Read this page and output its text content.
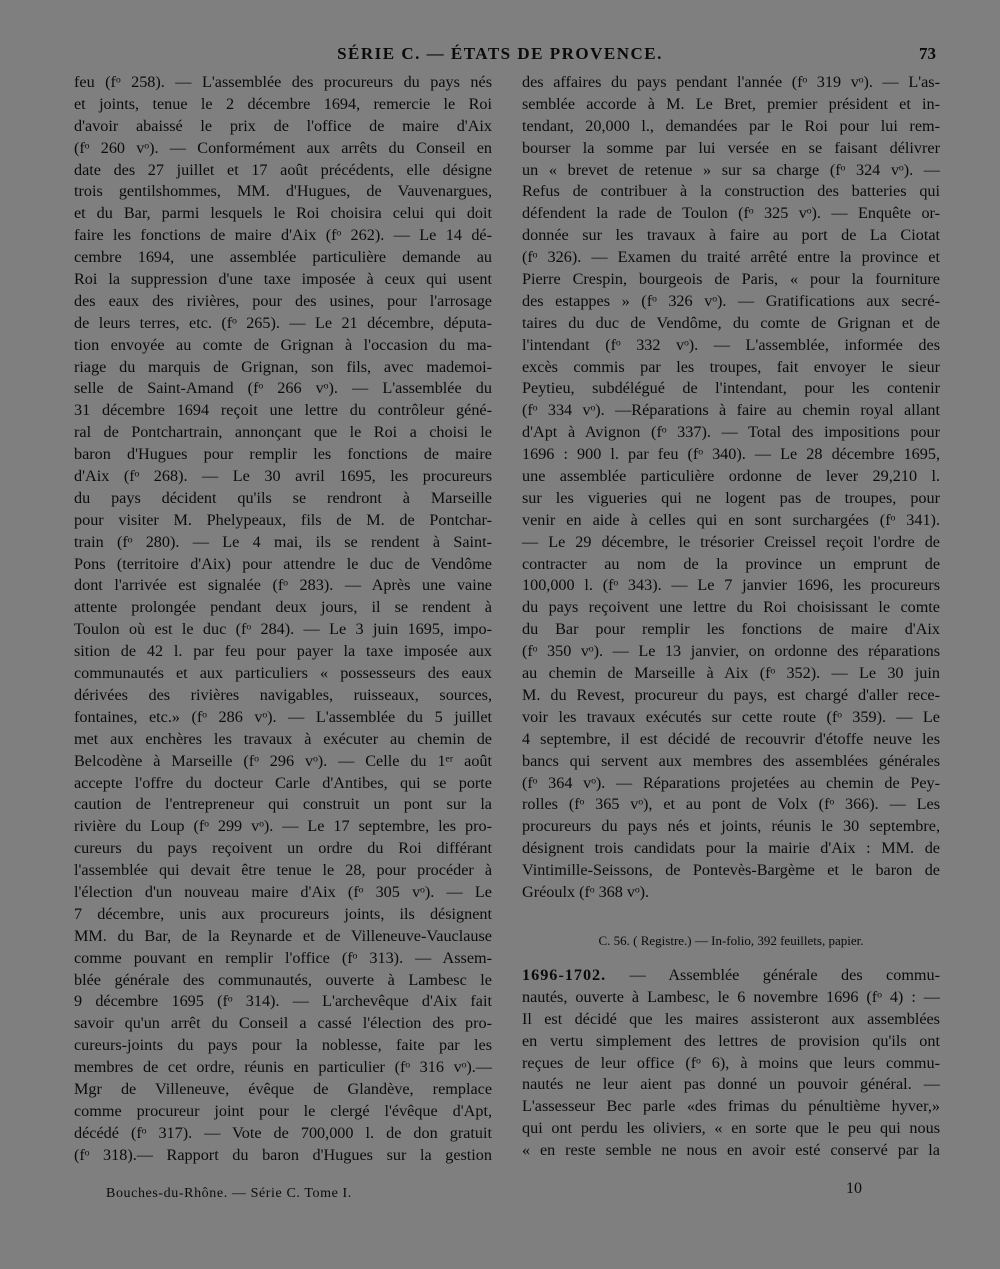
SÉRIE C. — ÉTATS DE PROVENCE.	73
feu (fᵒ 258). — L'assemblée des procureurs du pays nés
et joints, tenue le 2 décembre 1694, remercie le Roi
d'avoir abaissé le prix de l'office de maire d'Aix
(fᵒ 260 vᵒ). — Conformément aux arrêts du Conseil en
date des 27 juillet et 17 août précédents, elle désigne
trois gentilshommes, MM. d'Hugues, de Vauvenargues,
et du Bar, parmi lesquels le Roi choisira celui qui doit
faire les fonctions de maire d'Aix (fᵒ 262). — Le 14 dé-
cembre 1694, une assemblée particulière demande au
Roi la suppression d'une taxe imposée à ceux qui usent
des eaux des rivières, pour des usines, pour l'arrosage
de leurs terres, etc. (fᵒ 265). — Le 21 décembre, députa-
tion envoyée au comte de Grignan à l'occasion du ma-
riage du marquis de Grignan, son fils, avec mademoi-
selle de Saint-Amand (fᵒ 266 vᵒ). — L'assemblée du
31 décembre 1694 reçoit une lettre du contrôleur géné-
ral de Pontchartrain, annonçant que le Roi a choisi le
baron d'Hugues pour remplir les fonctions de maire
d'Aix (fᵒ 268). — Le 30 avril 1695, les procureurs
du pays décident qu'ils se rendront à Marseille
pour visiter M. Phelypeaux, fils de M. de Pontchar-
train (fᵒ 280). — Le 4 mai, ils se rendent à Saint-
Pons (territoire d'Aix) pour attendre le duc de Vendôme
dont l'arrivée est signalée (fᵒ 283). — Après une vaine
attente prolongée pendant deux jours, il se rendent à
Toulon où est le duc (fᵒ 284). — Le 3 juin 1695, impo-
sition de 42 l. par feu pour payer la taxe imposée aux
communautés et aux particuliers « possesseurs des eaux
dérivées des rivières navigables, ruisseaux, sources,
fontaines, etc.» (fᵒ 286 vᵒ). — L'assemblée du 5 juillet
met aux enchères les travaux à exécuter au chemin de
Belcodène à Marseille (fᵒ 296 vᵒ). — Celle du 1ᵉʳ août
accepte l'offre du docteur Carle d'Antibes, qui se porte
caution de l'entrepreneur qui construit un pont sur la
rivière du Loup (fᵒ 299 vᵒ). — Le 17 septembre, les pro-
cureurs du pays reçoivent un ordre du Roi différant
l'assemblée qui devait être tenue le 28, pour procéder à
l'élection d'un nouveau maire d'Aix (fᵒ 305 vᵒ). — Le
7 décembre, unis aux procureurs joints, ils désignent
MM. du Bar, de la Reynarde et de Villeneuve-Vauclause
comme pouvant en remplir l'office (fᵒ 313). — Assem-
blée générale des communautés, ouverte à Lambesc le
9 décembre 1695 (fᵒ 314). — L'archevêque d'Aix fait
savoir qu'un arrêt du Conseil a cassé l'élection des pro-
cureurs-joints du pays pour la noblesse, faite par les
membres de cet ordre, réunis en particulier (fᵒ 316 vᵒ).—
Mgr de Villeneuve, évêque de Glandève, remplace
comme procureur joint pour le clergé l'évêque d'Apt,
décédé (fᵒ 317). — Vote de 700,000 l. de don gratuit
(fᵒ 318).— Rapport du baron d'Hugues sur la gestion
des affaires du pays pendant l'année (fᵒ 319 vᵒ). — L'as-
semblée accorde à M. Le Bret, premier président et in-
tendant, 20,000 l., demandées par le Roi pour lui rem-
bourser la somme par lui versée en se faisant délivrer
un « brevet de retenue » sur sa charge (fᵒ 324 vᵒ). —
Refus de contribuer à la construction des batteries qui
défendent la rade de Toulon (fᵒ 325 vᵒ). — Enquête or-
donnée sur les travaux à faire au port de La Ciotat
(fᵒ 326). — Examen du traité arrêté entre la province et
Pierre Crespin, bourgeois de Paris, « pour la fourniture
des estappes » (fᵒ 326 vᵒ). — Gratifications aux secré-
taires du duc de Vendôme, du comte de Grignan et de
l'intendant (fᵒ 332 vᵒ). — L'assemblée, informée des
excès commis par les troupes, fait envoyer le sieur
Peytieu, subdélégué de l'intendant, pour les contenir
(fᵒ 334 vᵒ). —Réparations à faire au chemin royal allant
d'Apt à Avignon (fᵒ 337). — Total des impositions pour
1696 : 900 l. par feu (fᵒ 340). — Le 28 décembre 1695,
une assemblée particulière ordonne de lever 29,210 l.
sur les vigueries qui ne logent pas de troupes, pour
venir en aide à celles qui en sont surchargées (fᵒ 341).
— Le 29 décembre, le trésorier Creissel reçoit l'ordre de
contracter au nom de la province un emprunt de
100,000 l. (fᵒ 343). — Le 7 janvier 1696, les procureurs
du pays reçoivent une lettre du Roi choisissant le comte
du Bar pour remplir les fonctions de maire d'Aix
(fᵒ 350 vᵒ). — Le 13 janvier, on ordonne des réparations
au chemin de Marseille à Aix (fᵒ 352). — Le 30 juin
M. du Revest, procureur du pays, est chargé d'aller rece-
voir les travaux exécutés sur cette route (fᵒ 359). — Le
4 septembre, il est décidé de recouvrir d'étoffe neuve les
bancs qui servent aux membres des assemblées générales
(fᵒ 364 vᵒ). — Réparations projetées au chemin de Pey-
rolles (fᵒ 365 vᵒ), et au pont de Volx (fᵒ 366). — Les
procureurs du pays nés et joints, réunis le 30 septembre,
désignent trois candidats pour la mairie d'Aix : MM. de
Vintimille-Seissons, de Pontevès-Bargème et le baron de
Gréoulx (fᵒ 368 vᵒ).
C. 56. ( Registre.) — In-folio, 392 feuillets, papier.
1696-1702. — Assemblée générale des commu-
nautés, ouverte à Lambesc, le 6 novembre 1696 (fᵒ 4) : —
Il est décidé que les maires assisteront aux assemblées
en vertu simplement des lettres de provision qu'ils ont
reçues de leur office (fᵒ 6), à moins que leurs commu-
nautés ne leur aient pas donné un pouvoir général. —
L'assesseur Bec parle «des frimas du pénultième hyver,»
qui ont perdu les oliviers, « en sorte que le peu qui nous
« en reste semble ne nous en avoir esté conservé par la
Bouches-du-Rhône. — Série C. Tome I.	10
